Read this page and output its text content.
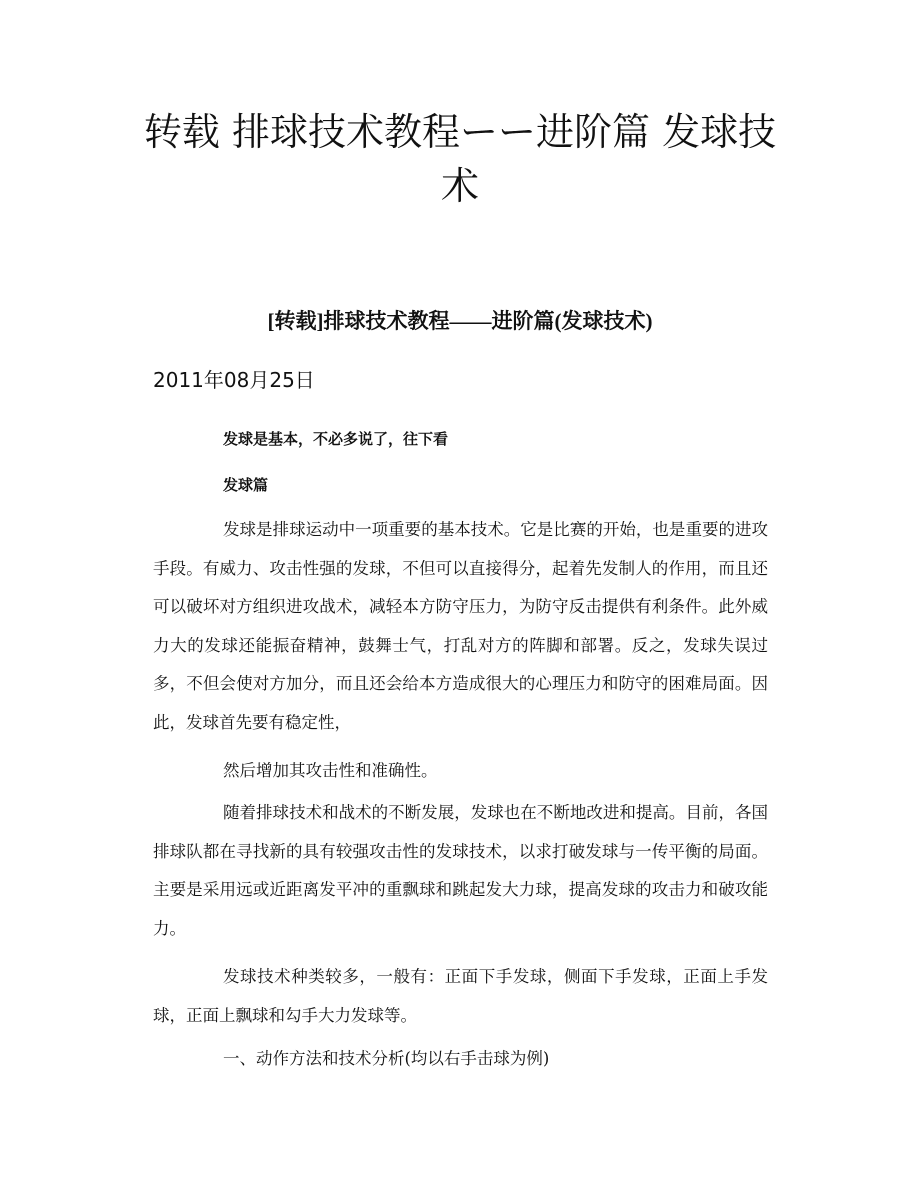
转载 排球技术教程ーー进阶篇 发球技术
[转载]排球技术教程——进阶篇(发球技术)
2011年08月25日
发球是基本，不必多说了，往下看
发球篇

发球是排球运动中一项重要的基本技术。它是比赛的开始，也是重要的进攻手段。有威力、攻击性强的发球，不但可以直接得分，起着先发制人的作用，而且还可以破坏对方组织进攻战术，减轻本方防守压力，为防守反击提供有利条件。此外威力大的发球还能振奋精神，鼓舞士气，打乱对方的阵脚和部署。反之，发球失误过多，不但会使对方加分，而且还会给本方造成很大的心理压力和防守的困难局面。因此，发球首先要有稳定性，

然后增加其攻击性和准确性。

随着排球技术和战术的不断发展，发球也在不断地改进和提高。目前，各国排球队都在寻找新的具有较强攻击性的发球技术，以求打破发球与一传平衡的局面。主要是采用远或近距离发平冲的重飘球和跳起发大力球，提高发球的攻击力和破攻能力。

发球技术种类较多，一般有：正面下手发球，侧面下手发球，正面上手发球，正面上飘球和勾手大力发球等。

一、动作方法和技术分析(均以右手击球为例)
